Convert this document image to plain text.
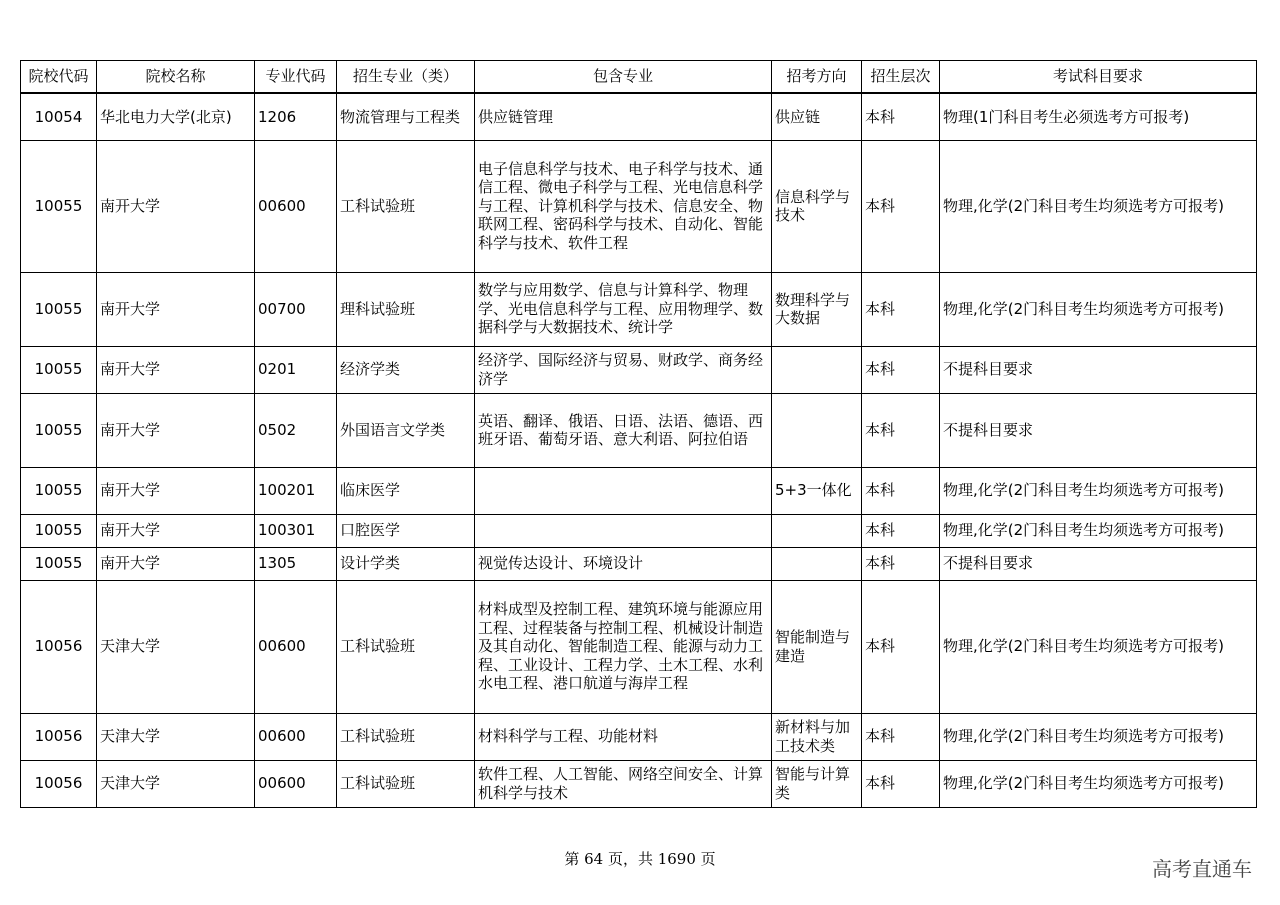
院校代码	院校名称	专业代码	招生专业（类）	包含专业	招考方向	招生层次	考试科目要求
10054	华北电力大学(北京)	1206	物流管理与工程类	供应链管理	供应链	本科	物理(1门科目考生必须选考方可报考)
10055	南开大学	00600	工科试验班	电子信息科学与技术、电子科学与技术、通信工程、微电子科学与工程、光电信息科学与工程、计算机科学与技术、信息安全、物联网工程、密码科学与技术、自动化、智能科学与技术、软件工程	信息科学与技术	本科	物理,化学(2门科目考生均须选考方可报考)
10055	南开大学	00700	理科试验班	数学与应用数学、信息与计算科学、物理学、光电信息科学与工程、应用物理学、数据科学与大数据技术、统计学	数理科学与大数据	本科	物理,化学(2门科目考生均须选考方可报考)
10055	南开大学	0201	经济学类	经济学、国际经济与贸易、财政学、商务经济学		本科	不提科目要求
10055	南开大学	0502	外国语言文学类	英语、翻译、俄语、日语、法语、德语、西班牙语、葡萄牙语、意大利语、阿拉伯语		本科	不提科目要求
10055	南开大学	100201	临床医学		5+3一体化	本科	物理,化学(2门科目考生均须选考方可报考)
10055	南开大学	100301	口腔医学			本科	物理,化学(2门科目考生均须选考方可报考)
10055	南开大学	1305	设计学类	视觉传达设计、环境设计		本科	不提科目要求
10056	天津大学	00600	工科试验班	材料成型及控制工程、建筑环境与能源应用工程、过程装备与控制工程、机械设计制造及其自动化、智能制造工程、能源与动力工程、工业设计、工程力学、土木工程、水利水电工程、港口航道与海岸工程	智能制造与建造	本科	物理,化学(2门科目考生均须选考方可报考)
10056	天津大学	00600	工科试验班	材料科学与工程、功能材料	新材料与加工技术类	本科	物理,化学(2门科目考生均须选考方可报考)
10056	天津大学	00600	工科试验班	软件工程、人工智能、网络空间安全、计算机科学与技术	智能与计算类	本科	物理,化学(2门科目考生均须选考方可报考)
第 64 页，共 1690 页	高考直通车
